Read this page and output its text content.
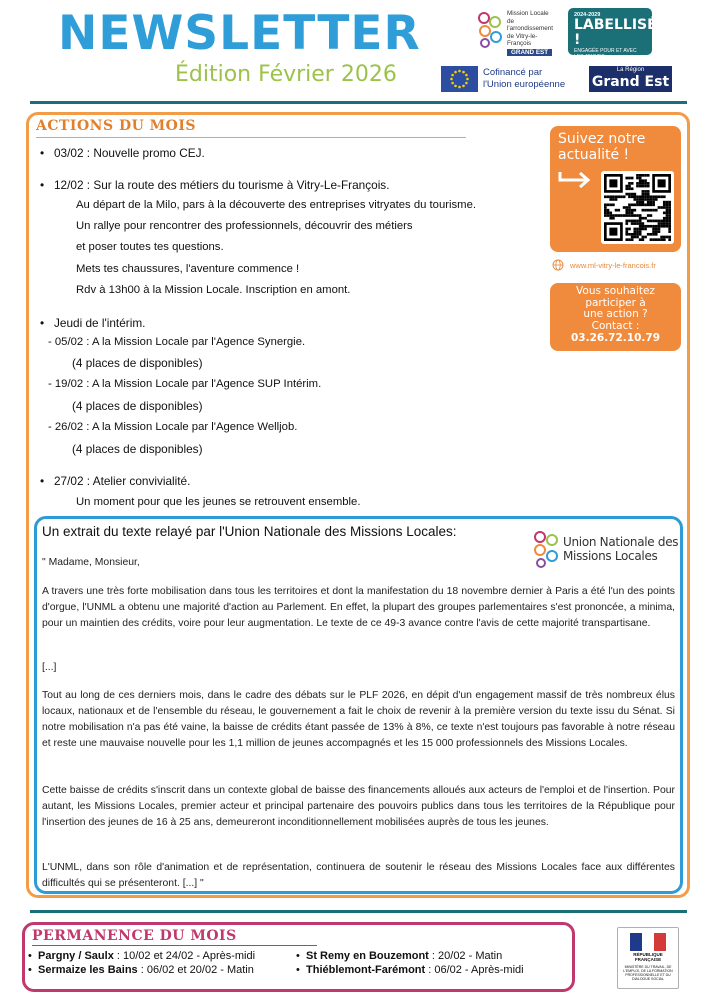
NEWSLETTER
Édition Février 2026
Mission Locale
de l'arrondissement
de Vitry-le-François
GRAND EST
2024-2029
LABELLISÉE !
ENGAGÉE POUR ET AVEC LES JEUNES
Cofinancé par
l'Union européenne
La Région
Grand Est
ACTIONS DU MOIS
• 03/02 : Nouvelle promo CEJ.
• 12/02 : Sur la route des métiers du tourisme à Vitry-Le-François.
Au départ de la Milo, pars à la découverte des entreprises vitryates du tourisme.
Un rallye pour rencontrer des professionnels, découvrir des métiers
et poser toutes tes questions.
Mets tes chaussures, l'aventure commence !
Rdv à 13h00 à la Mission Locale. Inscription en amont.
• Jeudi de l'intérim.
- 05/02 : A la Mission Locale par l'Agence Synergie.
(4 places de disponibles)
- 19/02 : A la Mission Locale par l'Agence SUP Intérim.
(4 places de disponibles)
- 26/02 : A la Mission Locale par l'Agence Welljob.
(4 places de disponibles)
• 27/02 : Atelier convivialité.
Un moment pour que les jeunes se retrouvent ensemble.
Suivez notre
actualité !
www.ml-vitry-le-francois.fr
Vous souhaitez
participer à
une action ?
Contact :
03.26.72.10.79
Un extrait du texte relayé par l'Union Nationale des Missions Locales:
Union Nationale des
Missions Locales
" Madame, Monsieur,
A travers une très forte mobilisation dans tous les territoires et dont la manifestation du 18 novembre dernier à Paris a été l'un des points d'orgue, l'UNML a obtenu une majorité d'action au Parlement. En effet, la plupart des groupes parlementaires s'est prononcée, a minima, pour un maintien des crédits, voire pour leur augmentation. Le texte de ce 49-3 avance contre l'avis de cette majorité transpartisane.
[...]
Tout au long de ces derniers mois, dans le cadre des débats sur le PLF 2026, en dépit d'un engagement massif de très nombreux élus locaux, nationaux et de l'ensemble du réseau, le gouvernement a fait le choix de revenir à la première version du texte issu du Sénat. Si notre mobilisation n'a pas été vaine, la baisse de crédits étant passée de 13% à 8%, ce texte n'est toujours pas favorable à notre réseau et reste une mauvaise nouvelle pour les 1,1 million de jeunes accompagnés et les 15 000 professionnels des Missions Locales.
Cette baisse de crédits s'inscrit dans un contexte global de baisse des financements alloués aux acteurs de l'emploi et de l'insertion. Pour autant, les Missions Locales, premier acteur et principal partenaire des pouvoirs publics dans tous les territoires de la République pour l'insertion des jeunes de 16 à 25 ans, demeureront inconditionnellement mobilisées auprès de tous les jeunes.
L'UNML, dans son rôle d'animation et de représentation, continuera de soutenir le réseau des Missions Locales face aux différentes difficultés qui se présenteront. [...] "
PERMANENCE DU MOIS
• Pargny / Saulx : 10/02 et 24/02 - Après-midi
• Sermaize les Bains : 06/02 et 20/02 - Matin
• St Remy en Bouzemont : 20/02 - Matin
• Thiéblemont-Farémont : 06/02 - Après-midi
RÉPUBLIQUE FRANÇAISE
MINISTÈRE DU TRAVAIL, DE L'EMPLOI, DE LA FORMATION PROFESSIONNELLE ET DU DIALOGUE SOCIAL
